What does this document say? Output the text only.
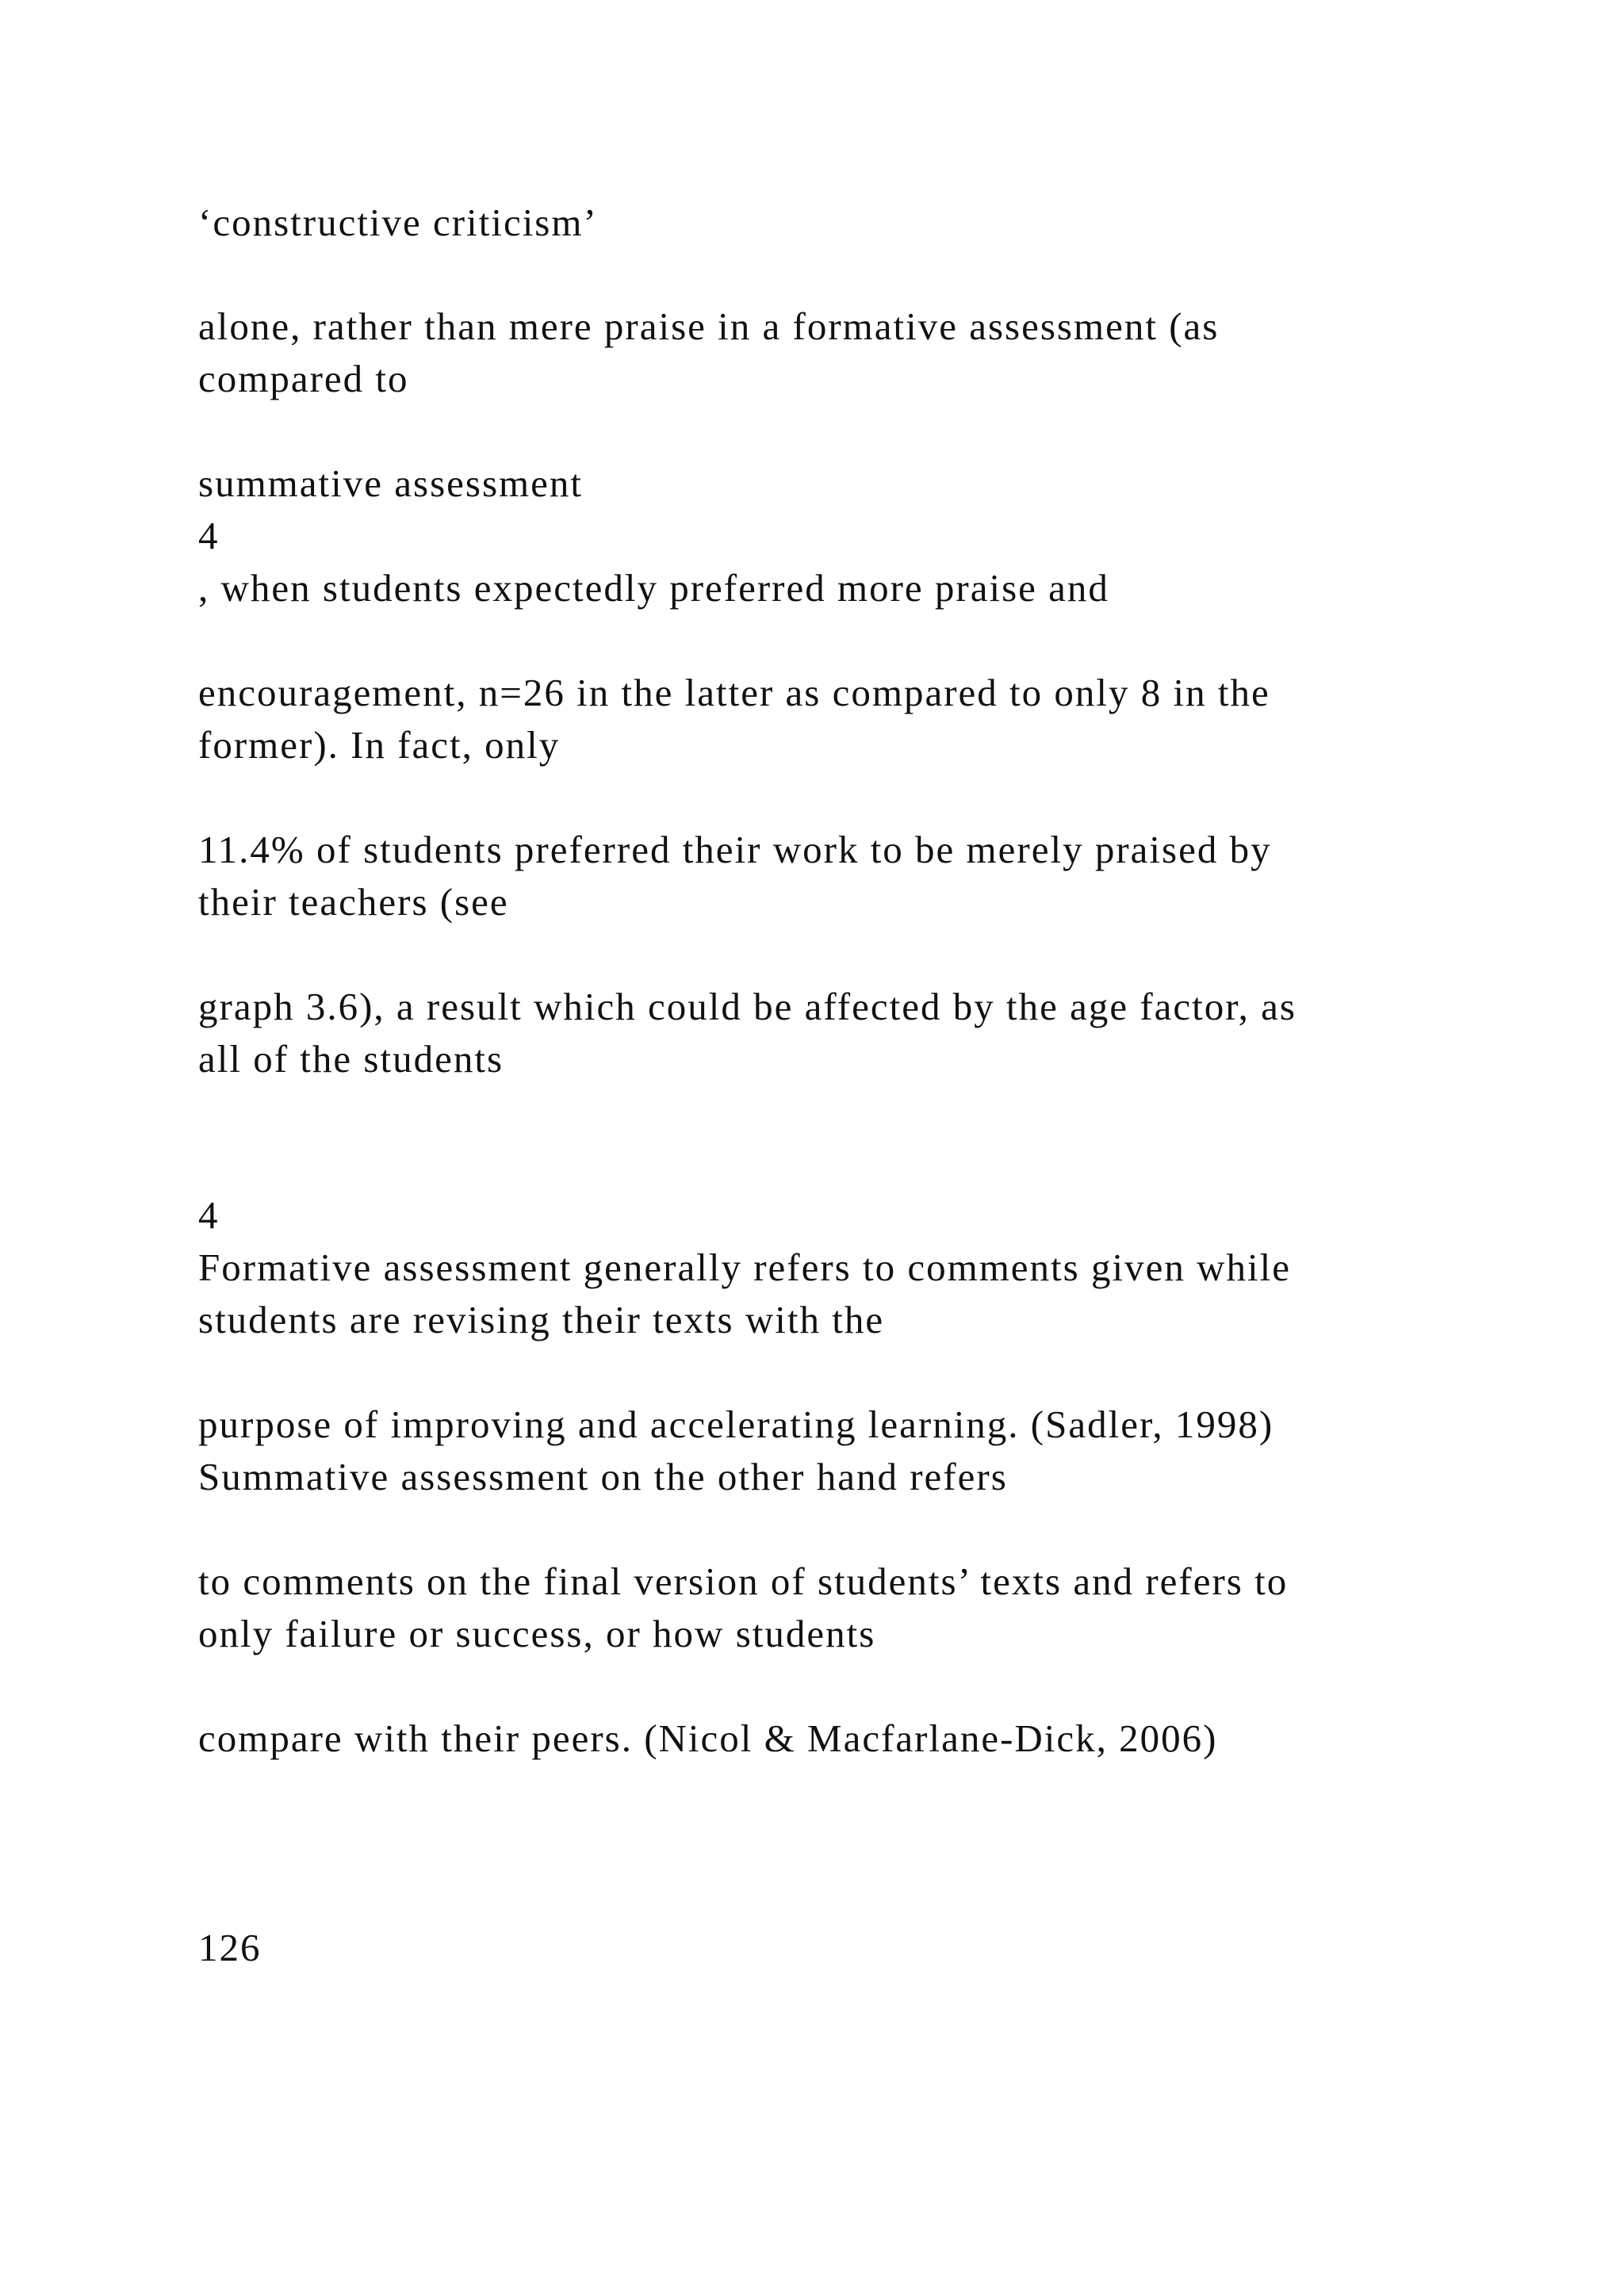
‘constructive criticism’

alone, rather than mere praise in a formative assessment (as

compared to

summative assessment

4

, when students expectedly preferred more praise and

encouragement, n=26 in the latter as compared to only 8 in the

former). In fact, only

11.4% of students preferred their work to be merely praised by

their teachers (see

graph 3.6), a result which could be affected by the age factor, as

all of the students

4

Formative assessment generally refers to comments given while

students are revising their texts with the

purpose of improving and accelerating learning. (Sadler, 1998)

Summative assessment on the other hand refers

to comments on the final version of students’ texts and refers to

only failure or success, or how students

compare with their peers. (Nicol & Macfarlane-Dick, 2006)

126
